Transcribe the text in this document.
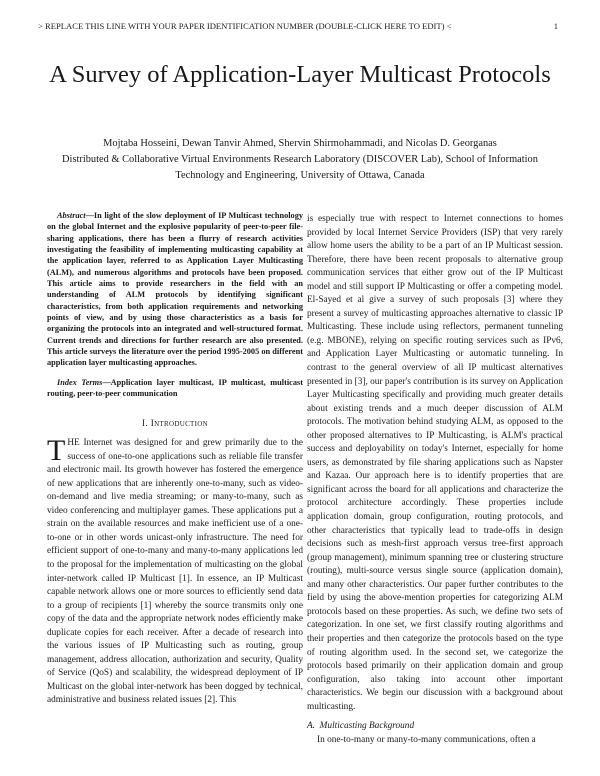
> REPLACE THIS LINE WITH YOUR PAPER IDENTIFICATION NUMBER (DOUBLE-CLICK HERE TO EDIT) <	1
A Survey of Application-Layer Multicast Protocols
Mojtaba Hosseini, Dewan Tanvir Ahmed, Shervin Shirmohammadi, and Nicolas D. Georganas
Distributed & Collaborative Virtual Environments Research Laboratory (DISCOVER Lab), School of Information Technology and Engineering, University of Ottawa, Canada

Abstract—In light of the slow deployment of IP Multicast technology on the global Internet and the explosive popularity of peer-to-peer file-sharing applications, there has been a flurry of research activities investigating the feasibility of implementing multicasting capability at the application layer, referred to as Application Layer Multicasting (ALM), and numerous algorithms and protocols have been proposed. This article aims to provide researchers in the field with an understanding of ALM protocols by identifying significant characteristics, from both application requirements and networking points of view, and by using those characteristics as a basis for organizing the protocols into an integrated and well-structured format. Current trends and directions for further research are also presented. This article surveys the literature over the period 1995-2005 on different application layer multicasting approaches.

Index Terms—Application layer multicast, IP multicast, multicast routing, peer-to-peer communication

I. Introduction

THE Internet was designed for and grew primarily due to the success of one-to-one applications such as reliable file transfer and electronic mail. Its growth however has fostered the emergence of new applications that are inherently one-to-many, such as video-on-demand and live media streaming; or many-to-many, such as video conferencing and multiplayer games. These applications put a strain on the available resources and make inefficient use of a one-to-one or in other words unicast-only infrastructure. The need for efficient support of one-to-many and many-to-many applications led to the proposal for the implementation of multicasting on the global inter-network called IP Multicast [1]. In essence, an IP Multicast capable network allows one or more sources to efficiently send data to a group of recipients [1] whereby the source transmits only one copy of the data and the appropriate network nodes efficiently make duplicate copies for each receiver. After a decade of research into the various issues of IP Multicasting such as routing, group management, address allocation, authorization and security, Quality of Service (QoS) and scalability, the widespread deployment of IP Multicast on the global inter-network has been dogged by technical, administrative and business related issues [2]. This

is especially true with respect to Internet connections to homes provided by local Internet Service Providers (ISP) that very rarely allow home users the ability to be a part of an IP Multicast session. Therefore, there have been recent proposals to alternative group communication services that either grow out of the IP Multicast model and still support IP Multicasting or offer a competing model. El-Sayed et al give a survey of such proposals [3] where they present a survey of multicasting approaches alternative to classic IP Multicasting. These include using reflectors, permanent tunneling (e.g. MBONE), relying on specific routing services such as IPv6, and Application Layer Multicasting or automatic tunneling. In contrast to the general overview of all IP multicast alternatives presented in [3], our paper's contribution is its survey on Application Layer Multicasting specifically and providing much greater details about existing trends and a much deeper discussion of ALM protocols. The motivation behind studying ALM, as opposed to the other proposed alternatives to IP Multicasting, is ALM's practical success and deployability on today's Internet, especially for home users, as demonstrated by file sharing applications such as Napster and Kazaa. Our approach here is to identify properties that are significant across the board for all applications and characterize the protocol architecture accordingly. These properties include application domain, group configuration, routing protocols, and other characteristics that typically lead to trade-offs in design decisions such as mesh-first approach versus tree-first approach (group management), minimum spanning tree or clustering structure (routing), multi-source versus single source (application domain), and many other characteristics. Our paper further contributes to the field by using the above-mention properties for categorizing ALM protocols based on these properties. As such, we define two sets of categorization. In one set, we first classify routing algorithms and their properties and then categorize the protocols based on the type of routing algorithm used. In the second set, we categorize the protocols based primarily on their application domain and group configuration, also taking into account other important characteristics. We begin our discussion with a background about multicasting.

A. Multicasting Background

In one-to-many or many-to-many communications, often a
